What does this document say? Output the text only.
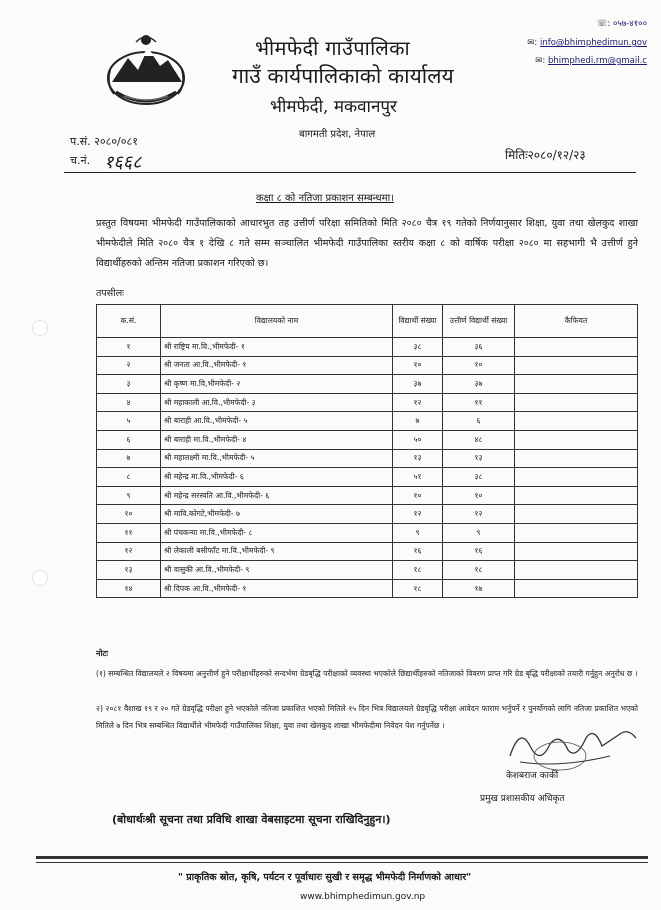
☏: ०५७-४१००
✉: info@bhimphedimun.gov
✉: bhimphedi.rm@gmail.c
भीमफेदी गाउँपालिका
गाउँ कार्यपालिकाको कार्यालय
भीमफेदी, मकवानपुर
बागमती प्रदेश, नेपाल
प.सं. २०८०/०८१
च.नं. १६६८	मितिः२०८०/१२/२३
कक्षा ८ को नतिजा प्रकाशन सम्बन्धमा।
प्रस्तुत विषयमा भीमफेदी गाउँपालिकाको आधारभुत तह उत्तीर्ण परिक्षा समितिको मिति २०८० चैत्र १९ गतेको निर्णयानुसार शिक्षा, युवा तथा खेलकुद शाखा भीमफेदीले मिति २०८० चैत्र १ देखि ८ गते सम्म सञ्चालित भीमफेदी गाउँपालिका स्तरीय कक्षा ८ को वार्षिक परीक्षा २०८० मा सहभागी भै उत्तीर्ण हुने विद्यार्थीहरुको अन्तिम नतिजा प्रकाशन गरिएको छ।
तपसीलः
क.सं.	विद्यालयको नाम	विद्यार्थी संख्या	उत्तीर्ण विद्यार्थी संख्या	कैफियत
१	श्री राष्ट्रिय मा.वि.,भीमफेदी- १	३८	३६	
२	श्री जनता आ.वि.,भीमफेदी- १	१०	१०	
३	श्री कृष्ण मा.वि,भीमफेदी- २	३७	३७	
४	श्री महाकाली आ.वि.,भीमफेदी- ३	१२	११	
५	श्री बाराही आ.वि.,भीमफेदी- ५	७	६	
६	श्री बाराही मा.वि.,भीमफेदी- ४	५०	४८	
७	श्री महालक्ष्मी मा.वि.,भीमफेदी- ५	१३	१३	
८	श्री महेन्द्र मा.वि.,भीमफेदी- ६	५१	३८	
९	श्री महेन्द्र सरस्वति आ.वि.,भीमफेदी- ६	१०	१०	
१०	श्री मावि.कोगटे,भीमफेदी- ७	१२	१२	
११	श्री पंचकन्या मा.वि.,भीमफेदी- ८	९	९	
१२	श्री लेकाली बसीफाँट मा.वि.,भीमफेदी- ९	१६	१६	
१३	श्री वासुकी आ.वि.,भीमफेदी- ९	१८	१८	
१४	श्री दिपक आ.वि.,भीमफेदी- १	१८	१७	
नोटः
(१) सम्बन्धित विद्यालयले २ विषयमा अनुत्तीर्ण हुने परीक्षार्थीहरुको सन्दर्भमा ग्रेडबृद्धि परीक्षाको व्यवस्था भएकोले छिद्यार्थीहरुको नतिजाको विवरण प्राप्त गरि ग्रेड बृद्धि परीक्षाको तयारी गर्नुहुन अनुरोध छ ।
२) २०८१ वैशाख १९ र २० गते ग्रेडवृद्धि परीक्षा हुने भएकोले नतिजा प्रकाशित भएको मितिले १५ दिन भित्र विद्यालयले ग्रेडवृद्धि परीक्षा आवेदन फाराम भर्नुपर्ने र पुनर्योगको लागि नतिजा प्रकाशित भएको मितिले ७ दिन भित्र सम्बन्धित विद्यार्थीले भीमफेदी गाउँपालिका शिक्षा, युवा तथा खेलकुद शाखा भीमफेदीमा निवेदन पेश गर्नुपर्नेछ ।
केशबराज कार्की
प्रमुख प्रशासकीय अधिकृत
(बोधार्थःश्री सूचना तथा प्रविधि शाखा वेबसाइटमा सूचना राखिदिनुहुन।)
" प्राकृतिक स्रोत, कृषि, पर्यटन र पूर्वाधारः सुखी र समृद्ध भीमफेदी निर्माणको आधार"
www.bhimphedimun.gov.np
